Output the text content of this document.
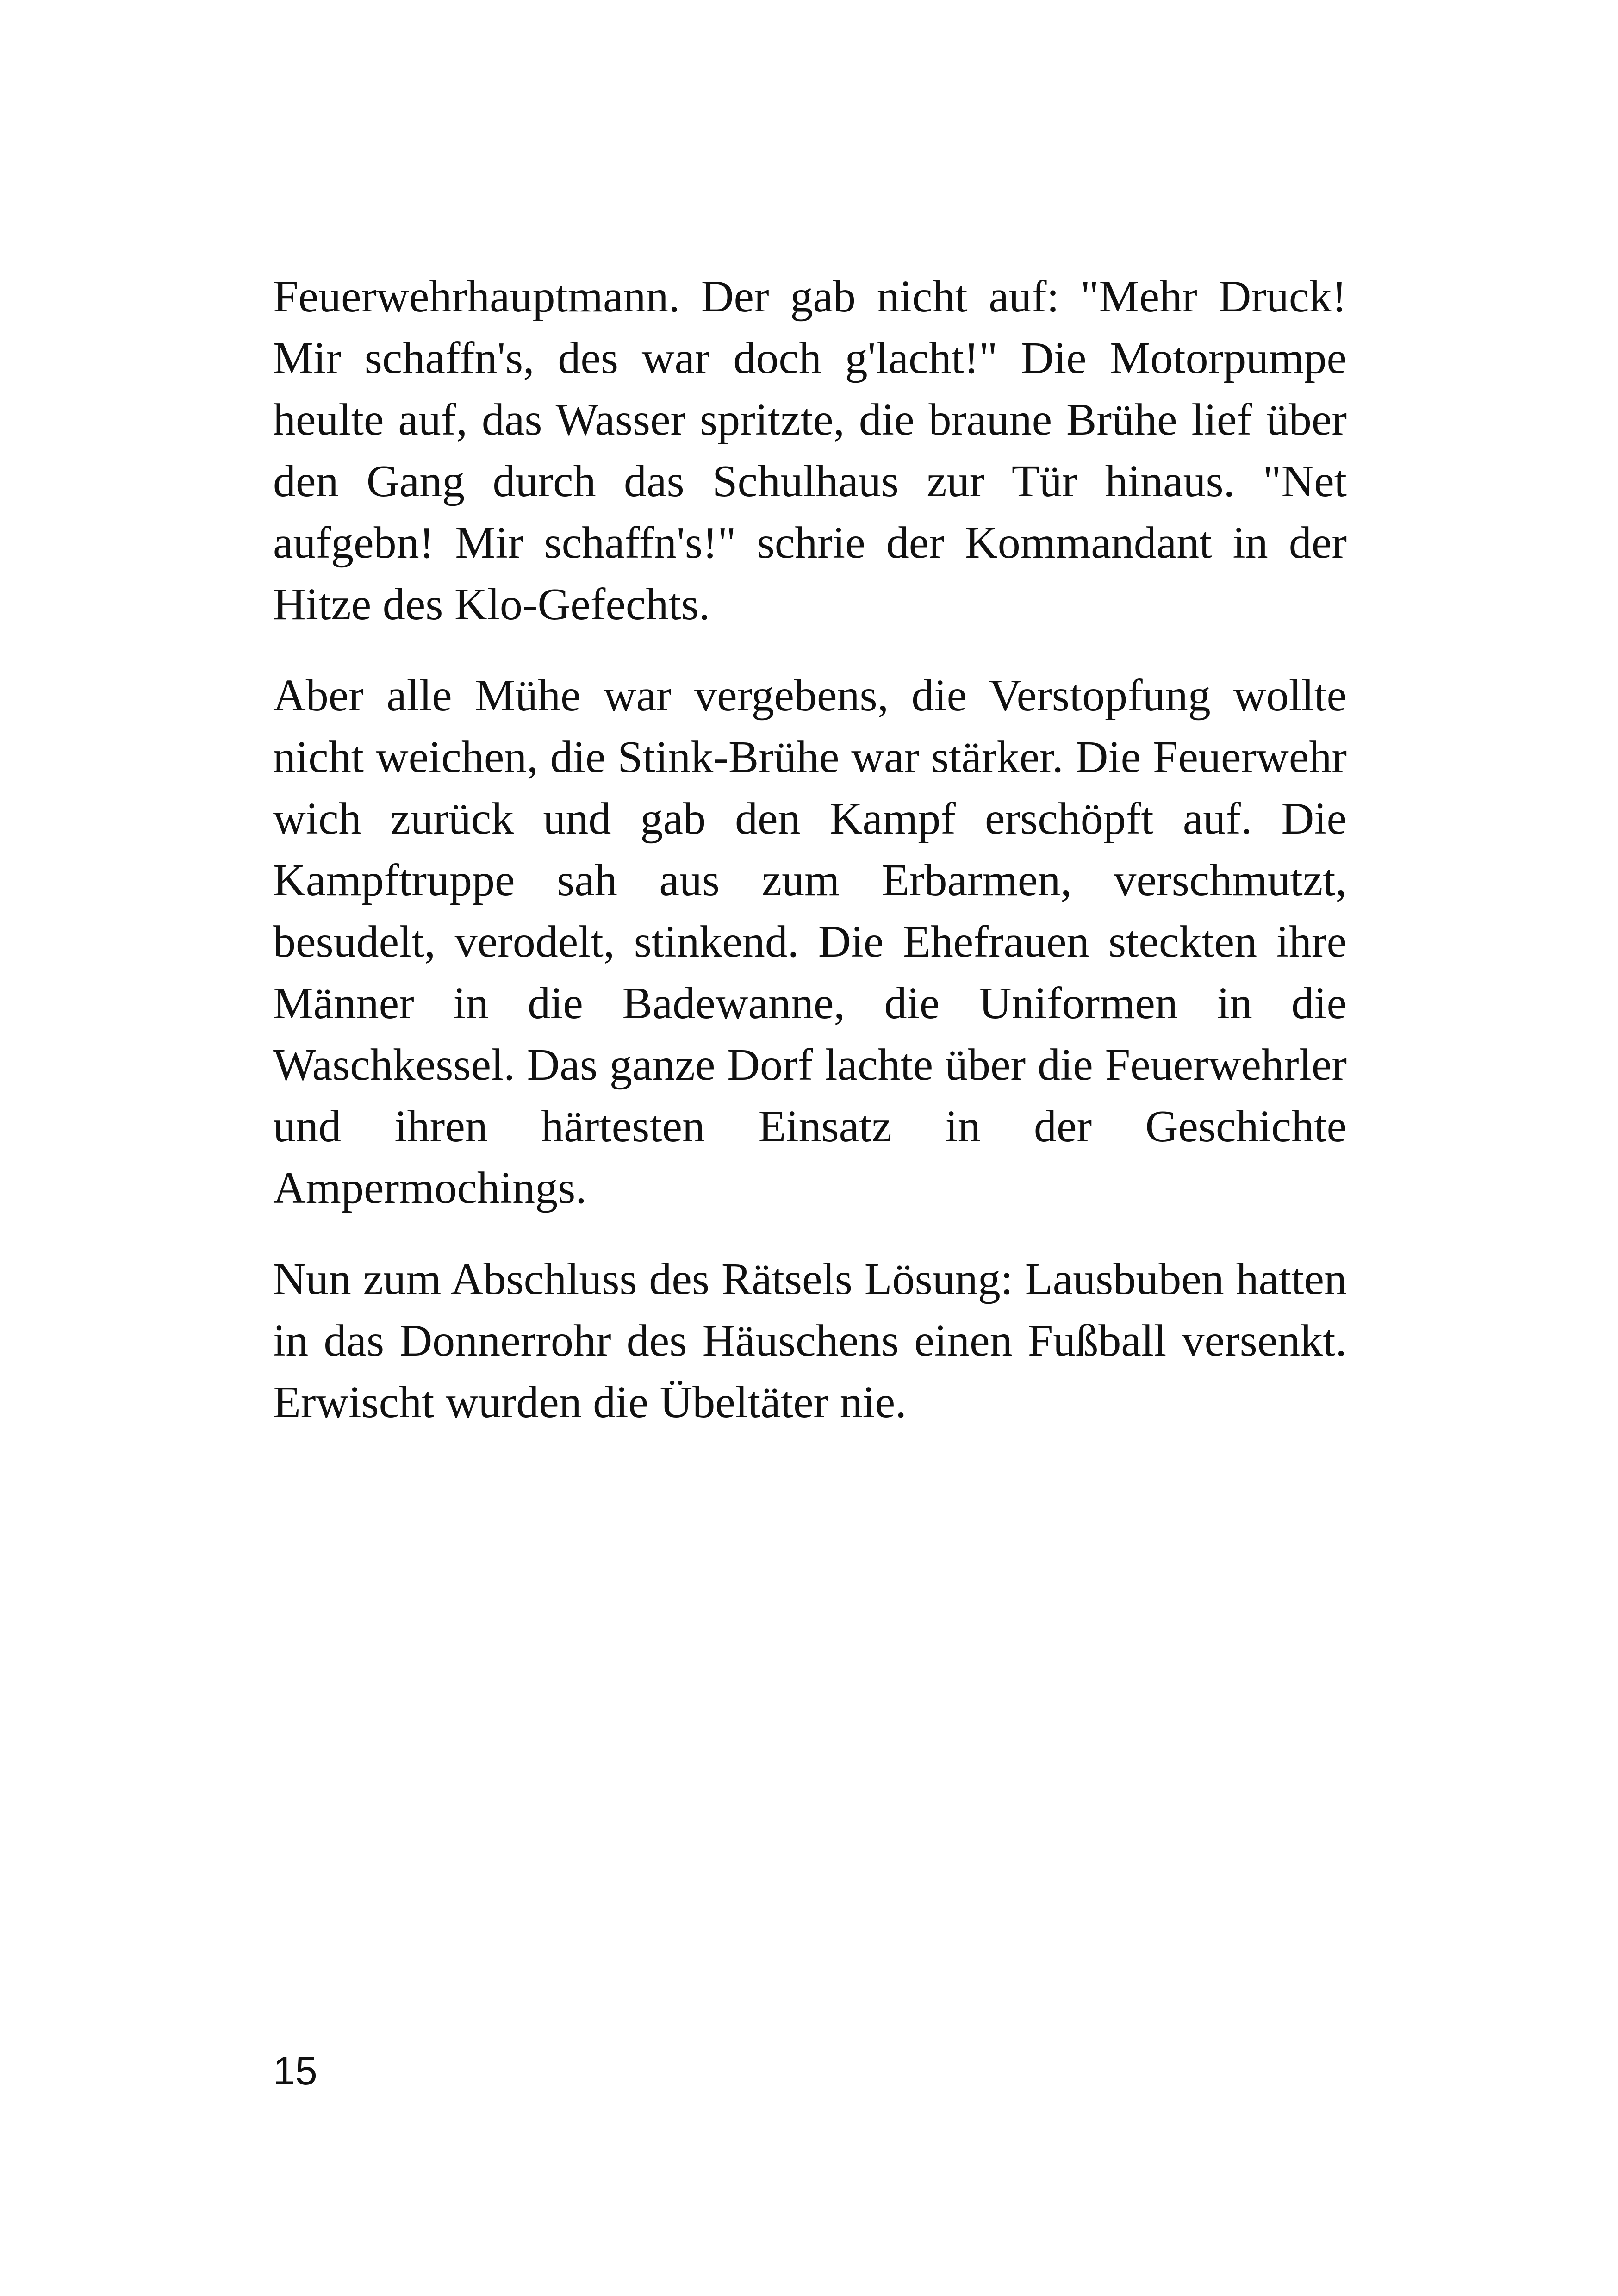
Feuerwehrhauptmann. Der gab nicht auf: "Mehr Druck! Mir schaffn's, des war doch g'lacht!" Die Motorpumpe heulte auf, das Wasser spritzte, die braune Brühe lief über den Gang durch das Schulhaus zur Tür hinaus. "Net aufgebn! Mir schaffn's!" schrie der Kommandant in der Hitze des Klo-Gefechts.

Aber alle Mühe war vergebens, die Verstopfung wollte nicht weichen, die Stink-Brühe war stärker. Die Feuerwehr wich zurück und gab den Kampf erschöpft auf. Die Kampftruppe sah aus zum Erbarmen, verschmutzt, besudelt, verodelt, stinkend. Die Ehefrauen steckten ihre Männer in die Badewanne, die Uniformen in die Waschkessel. Das ganze Dorf lachte über die Feuerwehrler und ihren härtesten Einsatz in der Geschichte Ampermochings.

Nun zum Abschluss des Rätsels Lösung: Lausbuben hatten in das Donnerrohr des Häuschens einen Fußball versenkt. Erwischt wurden die Übeltäter nie.

15
